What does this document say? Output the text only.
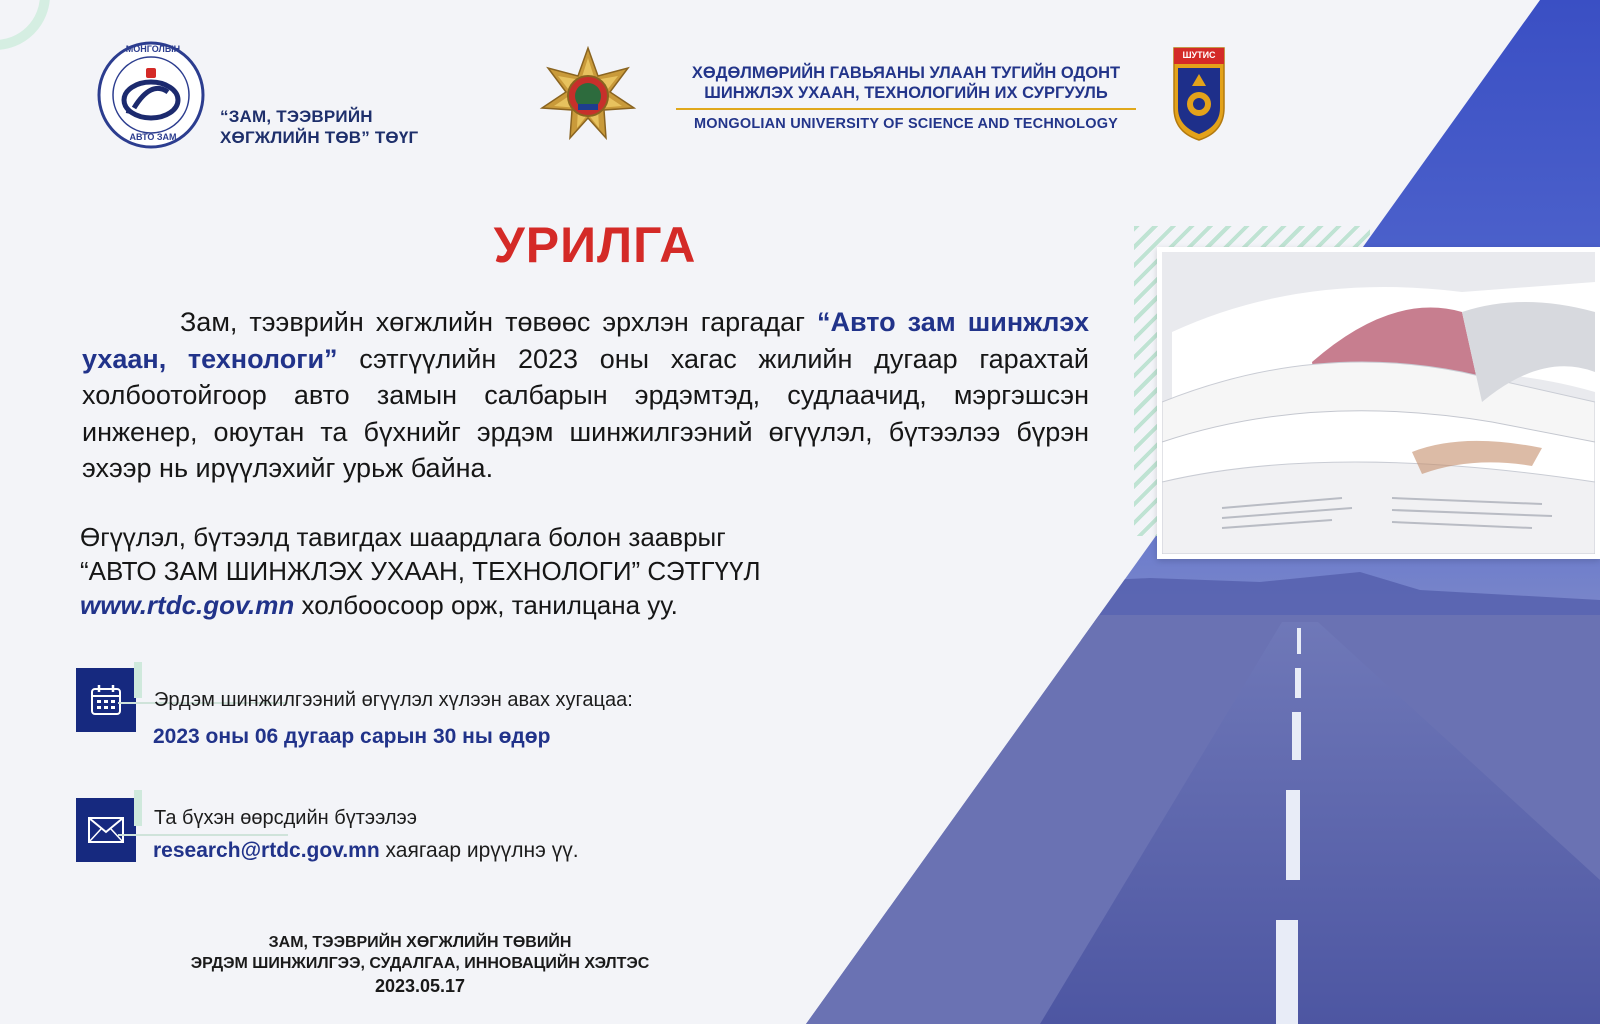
МОНГОЛЫН
АВТО ЗАМ
“ЗАМ, ТЭЭВРИЙН
ХӨГЖЛИЙН ТӨВ” ТӨҮГ
ХӨДӨЛМӨРИЙН ГАВЬЯАНЫ УЛААН ТУГИЙН ОДОНТ
ШИНЖЛЭХ УХААН, ТЕХНОЛОГИЙН ИХ СУРГУУЛЬ
MONGOLIAN UNIVERSITY OF SCIENCE AND TECHNOLOGY
ШУТИС
УРИЛГА
Зам, тээврийн хөгжлийн төвөөс эрхлэн гаргадаг “Авто зам шинжлэх ухаан, технологи” сэтгүүлийн 2023 оны хагас жилийн дугаар гарахтай холбоотойгоор авто замын салбарын эрдэмтэд, судлаачид, мэргэшсэн инженер, оюутан та бүхнийг эрдэм шинжилгээний өгүүлэл, бүтээлээ бүрэн эхээр нь ирүүлэхийг урьж байна.
Өгүүлэл, бүтээлд тавигдах шаардлага болон зааврыг
“АВТО ЗАМ ШИНЖЛЭХ УХААН, ТЕХНОЛОГИ” СЭТГҮҮЛ
www.rtdc.gov.mn холбоосоор орж, танилцана уу.
Эрдэм шинжилгээний өгүүлэл хүлээн авах хугацаа:
2023 оны 06 дугаар сарын 30 ны өдөр
Та бүхэн өөрсдийн бүтээлээ
research@rtdc.gov.mn хаягаар ирүүлнэ үү.
ЗАМ, ТЭЭВРИЙН ХӨГЖЛИЙН ТӨВИЙН
ЭРДЭМ ШИНЖИЛГЭЭ, СУДАЛГАА, ИННОВАЦИЙН ХЭЛТЭС
2023.05.17
